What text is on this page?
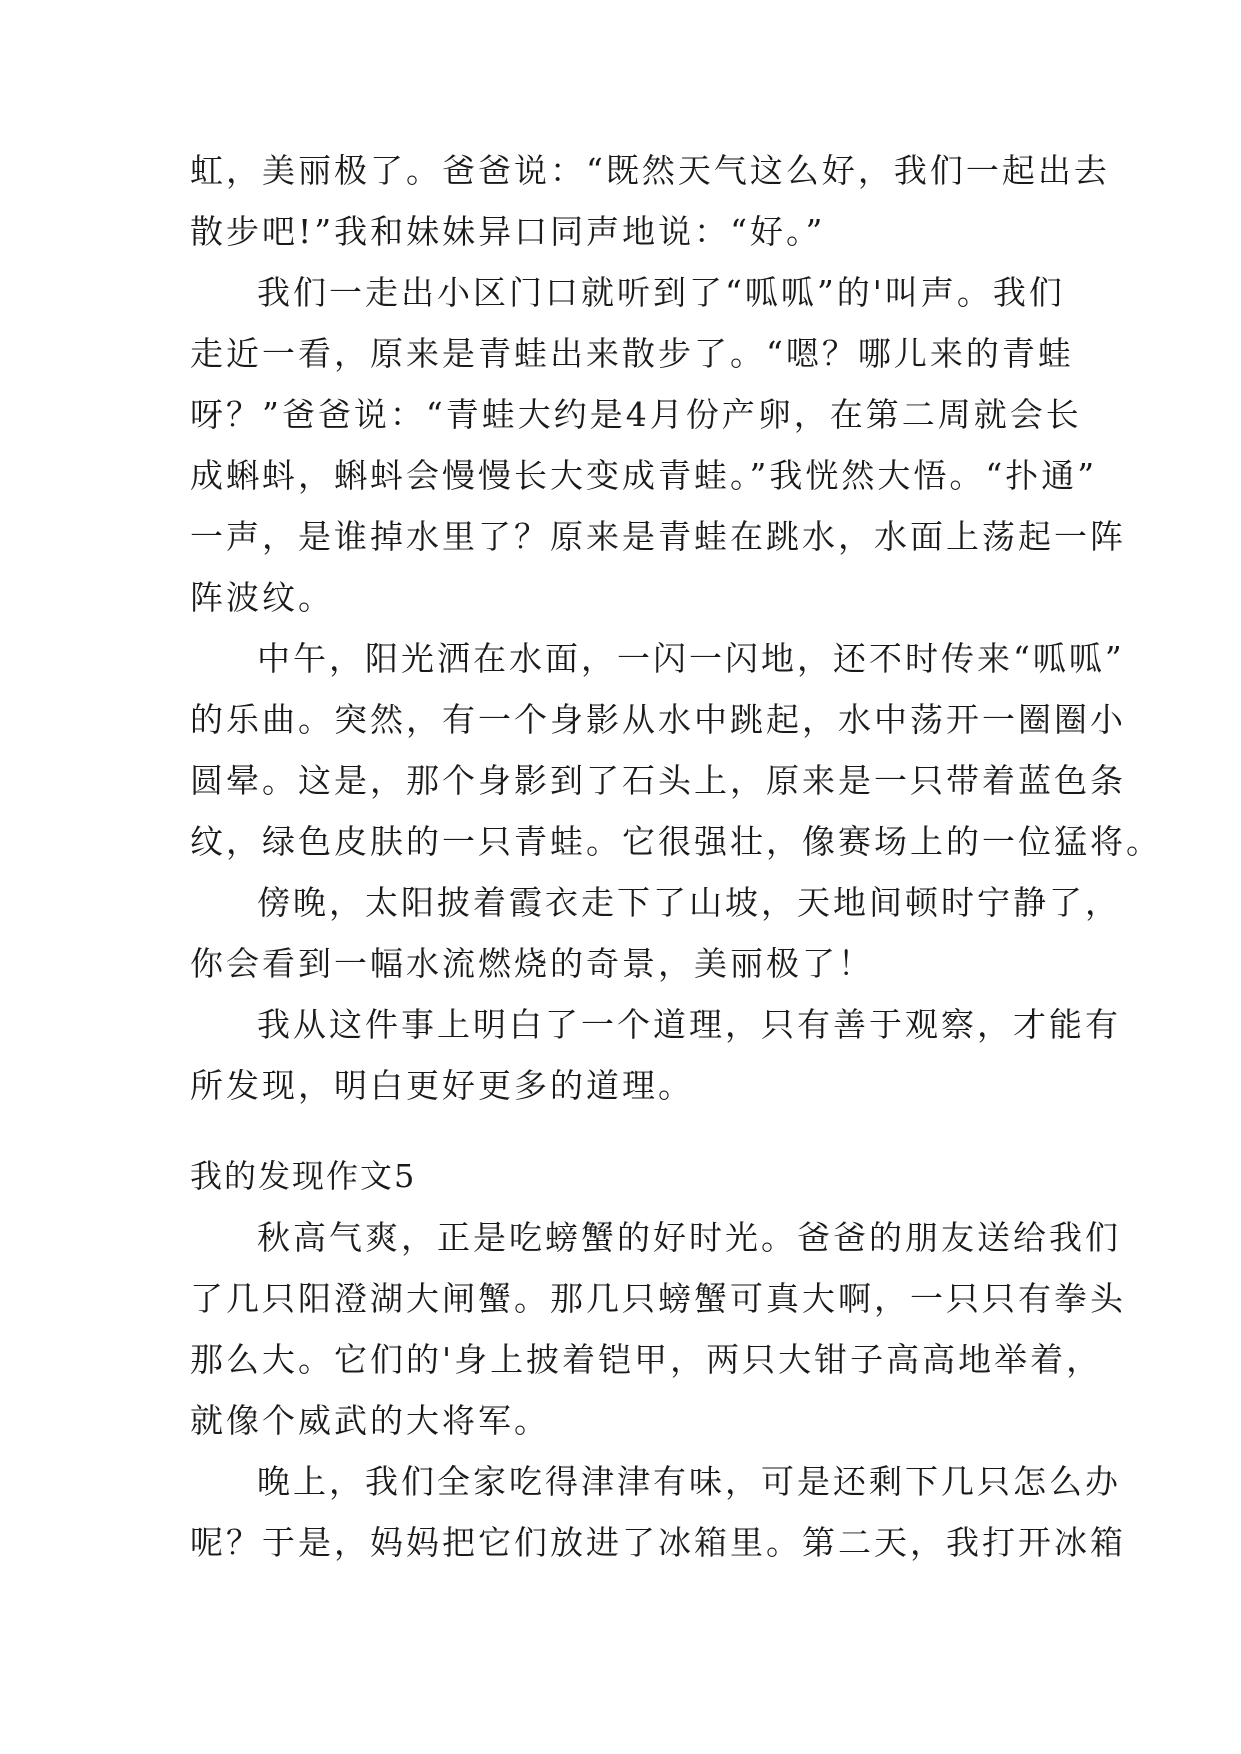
虹，美丽极了。爸爸说：“既然天气这么好，我们一起出去
散步吧!”我和妹妹异口同声地说：“好。”
我们一走出小区门口就听到了“呱呱”的'叫声。我们
走近一看，原来是青蛙出来散步了。“嗯？哪儿来的青蛙
呀？”爸爸说：“青蛙大约是4月份产卵，在第二周就会长
成蝌蚪，蝌蚪会慢慢长大变成青蛙。”我恍然大悟。“扑通”
一声，是谁掉水里了？原来是青蛙在跳水，水面上荡起一阵
阵波纹。
中午，阳光洒在水面，一闪一闪地，还不时传来“呱呱”
的乐曲。突然，有一个身影从水中跳起，水中荡开一圈圈小
圆晕。这是，那个身影到了石头上，原来是一只带着蓝色条
纹，绿色皮肤的一只青蛙。它很强壮，像赛场上的一位猛将。
傍晚，太阳披着霞衣走下了山坡，天地间顿时宁静了，
你会看到一幅水流燃烧的奇景，美丽极了！
我从这件事上明白了一个道理，只有善于观察，才能有
所发现，明白更好更多的道理。
我的发现作文5
秋高气爽，正是吃螃蟹的好时光。爸爸的朋友送给我们
了几只阳澄湖大闸蟹。那几只螃蟹可真大啊，一只只有拳头
那么大。它们的'身上披着铠甲，两只大钳子高高地举着，
就像个威武的大将军。
晚上，我们全家吃得津津有味，可是还剩下几只怎么办
呢？于是，妈妈把它们放进了冰箱里。第二天，我打开冰箱
